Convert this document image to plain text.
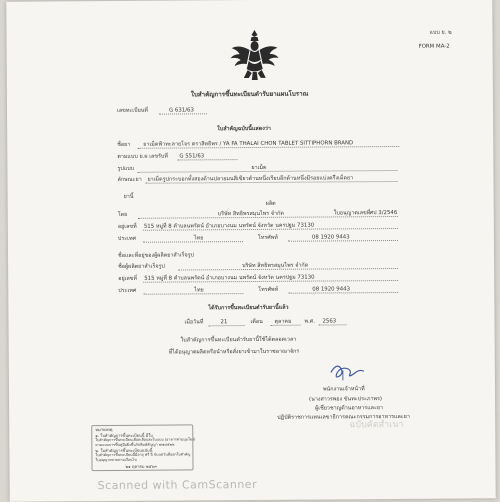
แบบ ย. ๒
FORM MA-2
ใบสำคัญการขึ้นทะเบียนตำรับยาแผนโบราณ
เลขทะเบียนที่	G 631/63
ใบสำคัญฉบับนี้แสดงว่า
ชื่อยา ยาเม็ดฟ้าทะลายโจร ตราสิทธิพร / YA FA THALAI CHON TABLET SITTIPHORN BRAND
ตามแบบ ย.ผ เลขรับที่ G 551/63
รูปแบบ	ยาเม็ด
ลักษณะยา ยาเม็ดรูปกระบอกทั้งสองด้านปลายมนสีเขียวด้านหนึ่งเรียบอีกด้านหนึ่งมีรอยแบ่งครึ่งเม็ดยา
ยานี้
ผลิต
โดย	บริษัท สิทธิพรสมุนไพร จำกัด	ใบอนุญาตเลขที่ ศป 3/2546
อยู่เลขที่ 515 หมู่ที่ 8 ตำบลนพรัตน์ อำเภอบางนม นพรัตน์ จังหวัด นครปฐม 73130
ประเทศ	ไทย	โทรศัพท์	08 1920 9443
ชื่อและที่อยู่ของผู้ผลิตยาสำเร็จรูป
ชื่อผู้ผลิตยาสำเร็จรูป	บริษัท สิทธิพรสมุนไพร จำกัด
อยู่เลขที่ 515 หมู่ที่ 8 ตำบลนพรัตน์ อำเภอบางนม นพรัตน์ จังหวัด นครปฐม 73130
ประเทศ	ไทย	โทรศัพท์	08 1920 9443
ได้รับการขึ้นทะเบียนตำรับยานี้แล้ว
เมื่อวันที่	21	เดือน ตุลาคม พ.ศ. 2563
ใบสำคัญการขึ้นทะเบียนตำรับยานี้ใช้ได้ตลอดเวลา
ที่ได้อนุญาตผลิตหรือนำหรือสั่งยาเข้ามาในราชอาณาจักร
พนักงานเจ้าหน้าที่
(นางสาวรพอง ขันทะประภาพร)
ผู้เชี่ยวชาญด้านอาหารและยา
ปฏิบัติราชการแทนเลขาธิการคณะกรรมการอาหารและยา
ฉบับคัดสำเนา
หมายเหตุ
๑. ใบสำคัญการขึ้นทะเบียนนี้ มีใบ
ใบสำคัญการขึ้นทะเบียนเลือดเลือนสะในแบบ (อาหารสามมุมโมง)
ตามแบบการขึ้นคู่มือยิ่งขึ้นกับพิมพ์สัญญา ๗๗๘๕๒๒
๒. ใบสำคัญการขึ้นทะเบียนฉบับนี้
ใบสำคัญการขึ้นทะเบียนนี้มีอายุ ฟรี ปี นับแต่วันที่ออกใบสำคัญ
ใบอนุญาตขายตามเงื่อนไข
๒๑ ตุลาคม ๒๕๖๓
Scanned with CamScanner
